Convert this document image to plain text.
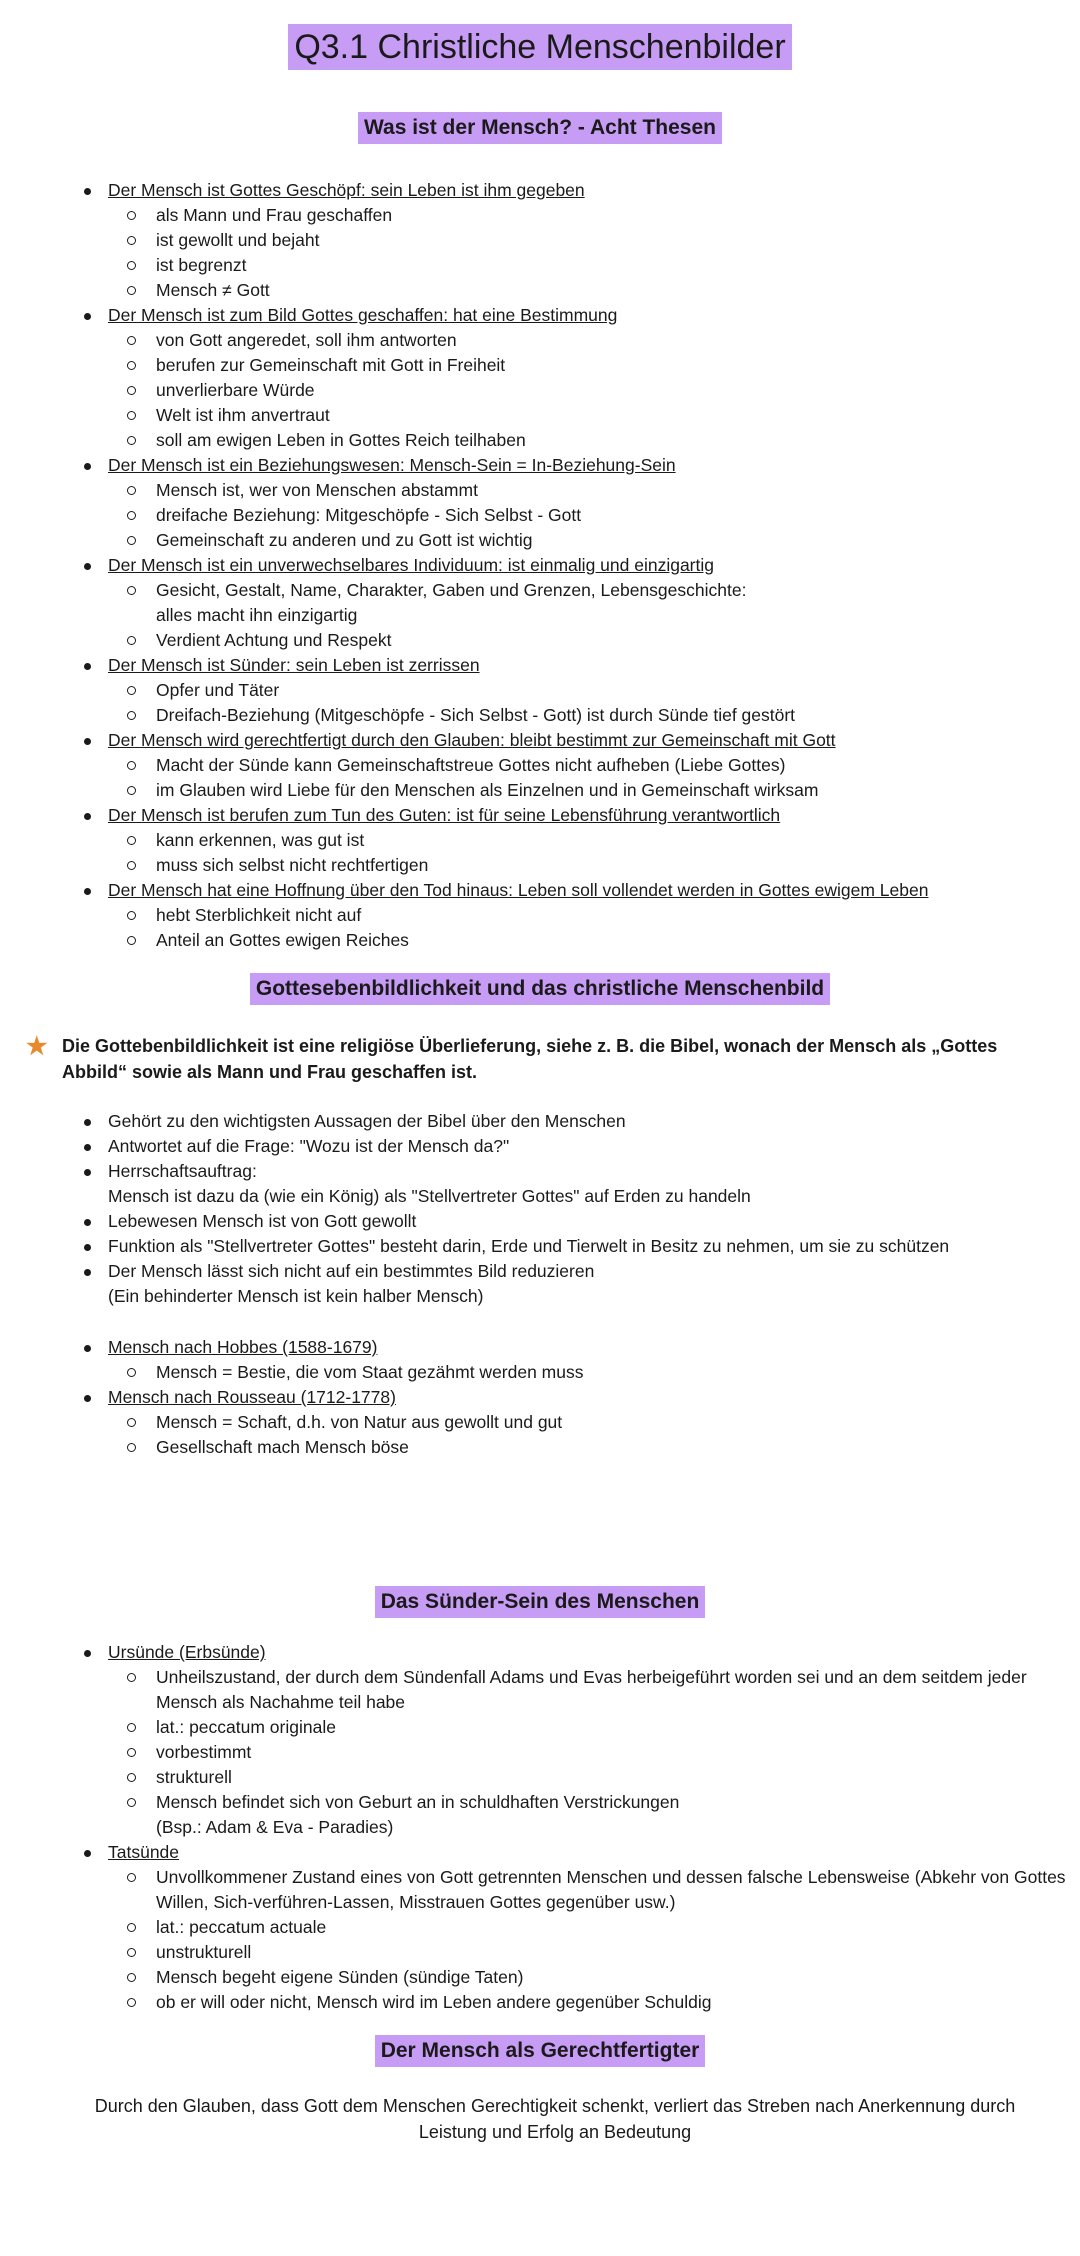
Q3.1 Christliche Menschenbilder
Was ist der Mensch? - Acht Thesen
Der Mensch ist Gottes Geschöpf: sein Leben ist ihm gegeben
als Mann und Frau geschaffen
ist gewollt und bejaht
ist begrenzt
Mensch ≠ Gott
Der Mensch ist zum Bild Gottes geschaffen: hat eine Bestimmung
von Gott angeredet, soll ihm antworten
berufen zur Gemeinschaft mit Gott in Freiheit
unverlierbare Würde
Welt ist ihm anvertraut
soll am ewigen Leben in Gottes Reich teilhaben
Der Mensch ist ein Beziehungswesen: Mensch-Sein = In-Beziehung-Sein
Mensch ist, wer von Menschen abstammt
dreifache Beziehung: Mitgeschöpfe - Sich Selbst - Gott
Gemeinschaft zu anderen und zu Gott ist wichtig
Der Mensch ist ein unverwechselbares Individuum: ist einmalig und einzigartig
Gesicht, Gestalt, Name, Charakter, Gaben und Grenzen, Lebensgeschichte:
alles macht ihn einzigartig
Verdient Achtung und Respekt
Der Mensch ist Sünder: sein Leben ist zerrissen
Opfer und Täter
Dreifach-Beziehung (Mitgeschöpfe - Sich Selbst - Gott) ist durch Sünde tief gestört
Der Mensch wird gerechtfertigt durch den Glauben: bleibt bestimmt zur Gemeinschaft mit Gott
Macht der Sünde kann Gemeinschaftstreue Gottes nicht aufheben (Liebe Gottes)
im Glauben wird Liebe für den Menschen als Einzelnen und in Gemeinschaft wirksam
Der Mensch ist berufen zum Tun des Guten: ist für seine Lebensführung verantwortlich
kann erkennen, was gut ist
muss sich selbst nicht rechtfertigen
Der Mensch hat eine Hoffnung über den Tod hinaus: Leben soll vollendet werden in Gottes ewigem Leben
hebt Sterblichkeit nicht auf
Anteil an Gottes ewigen Reiches
Gottesebenbildlichkeit und das christliche Menschenbild
★ Die Gottebenbildlichkeit ist eine religiöse Überlieferung, siehe z. B. die Bibel, wonach der Mensch als „Gottes Abbild“ sowie als Mann und Frau geschaffen ist.
Gehört zu den wichtigsten Aussagen der Bibel über den Menschen
Antwortet auf die Frage: "Wozu ist der Mensch da?"
Herrschaftsauftrag:
Mensch ist dazu da (wie ein König) als "Stellvertreter Gottes" auf Erden zu handeln
Lebewesen Mensch ist von Gott gewollt
Funktion als "Stellvertreter Gottes" besteht darin, Erde und Tierwelt in Besitz zu nehmen, um sie zu schützen
Der Mensch lässt sich nicht auf ein bestimmtes Bild reduzieren
(Ein behinderter Mensch ist kein halber Mensch)
Mensch nach Hobbes (1588-1679)
Mensch = Bestie, die vom Staat gezähmt werden muss
Mensch nach Rousseau (1712-1778)
Mensch = Schaft, d.h. von Natur aus gewollt und gut
Gesellschaft mach Mensch böse
Das Sünder-Sein des Menschen
Ursünde (Erbsünde)
Unheilszustand, der durch dem Sündenfall Adams und Evas herbeigeführt worden sei und an dem seitdem jeder Mensch als Nachahme teil habe
lat.: peccatum originale
vorbestimmt
strukturell
Mensch befindet sich von Geburt an in schuldhaften Verstrickungen
(Bsp.: Adam & Eva - Paradies)
Tatsünde
Unvollkommener Zustand eines von Gott getrennten Menschen und dessen falsche Lebensweise (Abkehr von Gottes Willen, Sich-verführen-Lassen, Misstrauen Gottes gegenüber usw.)
lat.: peccatum actuale
unstrukturell
Mensch begeht eigene Sünden (sündige Taten)
ob er will oder nicht, Mensch wird im Leben andere gegenüber Schuldig
Der Mensch als Gerechtfertigter
Durch den Glauben, dass Gott dem Menschen Gerechtigkeit schenkt, verliert das Streben nach Anerkennung durch Leistung und Erfolg an Bedeutung
